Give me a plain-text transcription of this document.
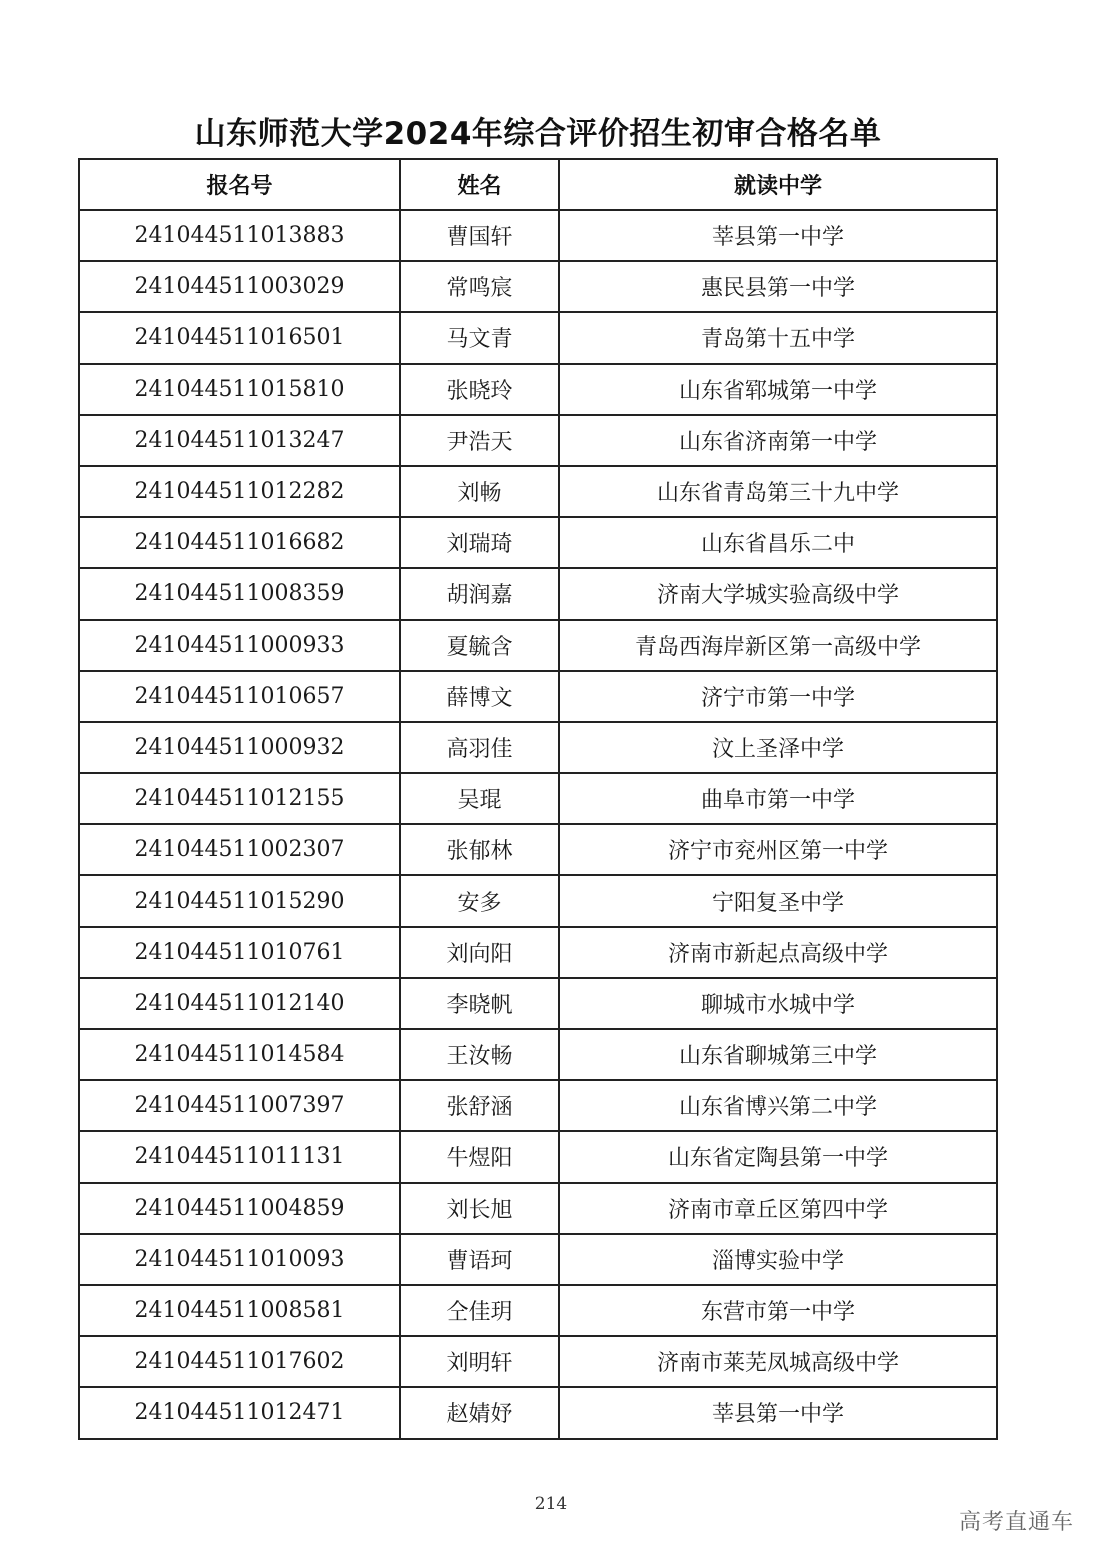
山东师范大学2024年综合评价招生初审合格名单
报名号	姓名	就读中学
241044511013883	曹国轩	莘县第一中学
241044511003029	常鸣宸	惠民县第一中学
241044511016501	马文青	青岛第十五中学
241044511015810	张晓玲	山东省郓城第一中学
241044511013247	尹浩天	山东省济南第一中学
241044511012282	刘畅	山东省青岛第三十九中学
241044511016682	刘瑞琦	山东省昌乐二中
241044511008359	胡润嘉	济南大学城实验高级中学
241044511000933	夏毓含	青岛西海岸新区第一高级中学
241044511010657	薛博文	济宁市第一中学
241044511000932	高羽佳	汶上圣泽中学
241044511012155	吴琨	曲阜市第一中学
241044511002307	张郁林	济宁市兖州区第一中学
241044511015290	安多	宁阳复圣中学
241044511010761	刘向阳	济南市新起点高级中学
241044511012140	李晓帆	聊城市水城中学
241044511014584	王汝畅	山东省聊城第三中学
241044511007397	张舒涵	山东省博兴第二中学
241044511011131	牛煜阳	山东省定陶县第一中学
241044511004859	刘长旭	济南市章丘区第四中学
241044511010093	曹语珂	淄博实验中学
241044511008581	仝佳玥	东营市第一中学
241044511017602	刘明轩	济南市莱芜凤城高级中学
241044511012471	赵婧妤	莘县第一中学
214
高考直通车
